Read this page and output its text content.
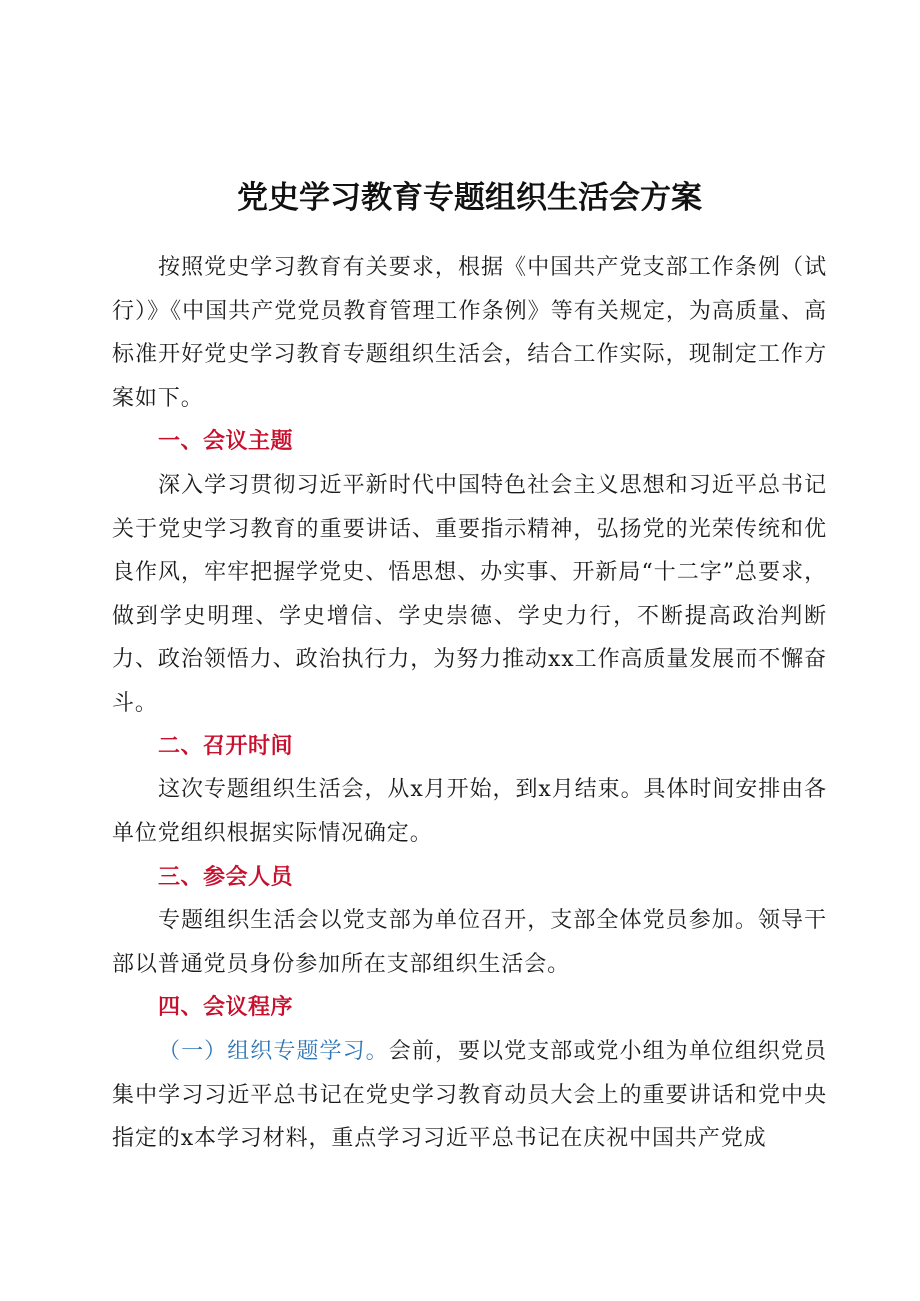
党史学习教育专题组织生活会方案

按照党史学习教育有关要求，根据《中国共产党支部工作条例（试行）》《中国共产党党员教育管理工作条例》等有关规定，为高质量、高标准开好党史学习教育专题组织生活会，结合工作实际，现制定工作方案如下。

一、会议主题

深入学习贯彻习近平新时代中国特色社会主义思想和习近平总书记关于党史学习教育的重要讲话、重要指示精神，弘扬党的光荣传统和优良作风，牢牢把握学党史、悟思想、办实事、开新局“十二字”总要求，做到学史明理、学史增信、学史崇德、学史力行，不断提高政治判断力、政治领悟力、政治执行力，为努力推动xx工作高质量发展而不懈奋斗。

二、召开时间

这次专题组织生活会，从x月开始，到x月结束。具体时间安排由各单位党组织根据实际情况确定。

三、参会人员

专题组织生活会以党支部为单位召开，支部全体党员参加。领导干部以普通党员身份参加所在支部组织生活会。

四、会议程序

（一）组织专题学习。会前，要以党支部或党小组为单位组织党员集中学习习近平总书记在党史学习教育动员大会上的重要讲话和党中央指定的x本学习材料，重点学习习近平总书记在庆祝中国共产党成
